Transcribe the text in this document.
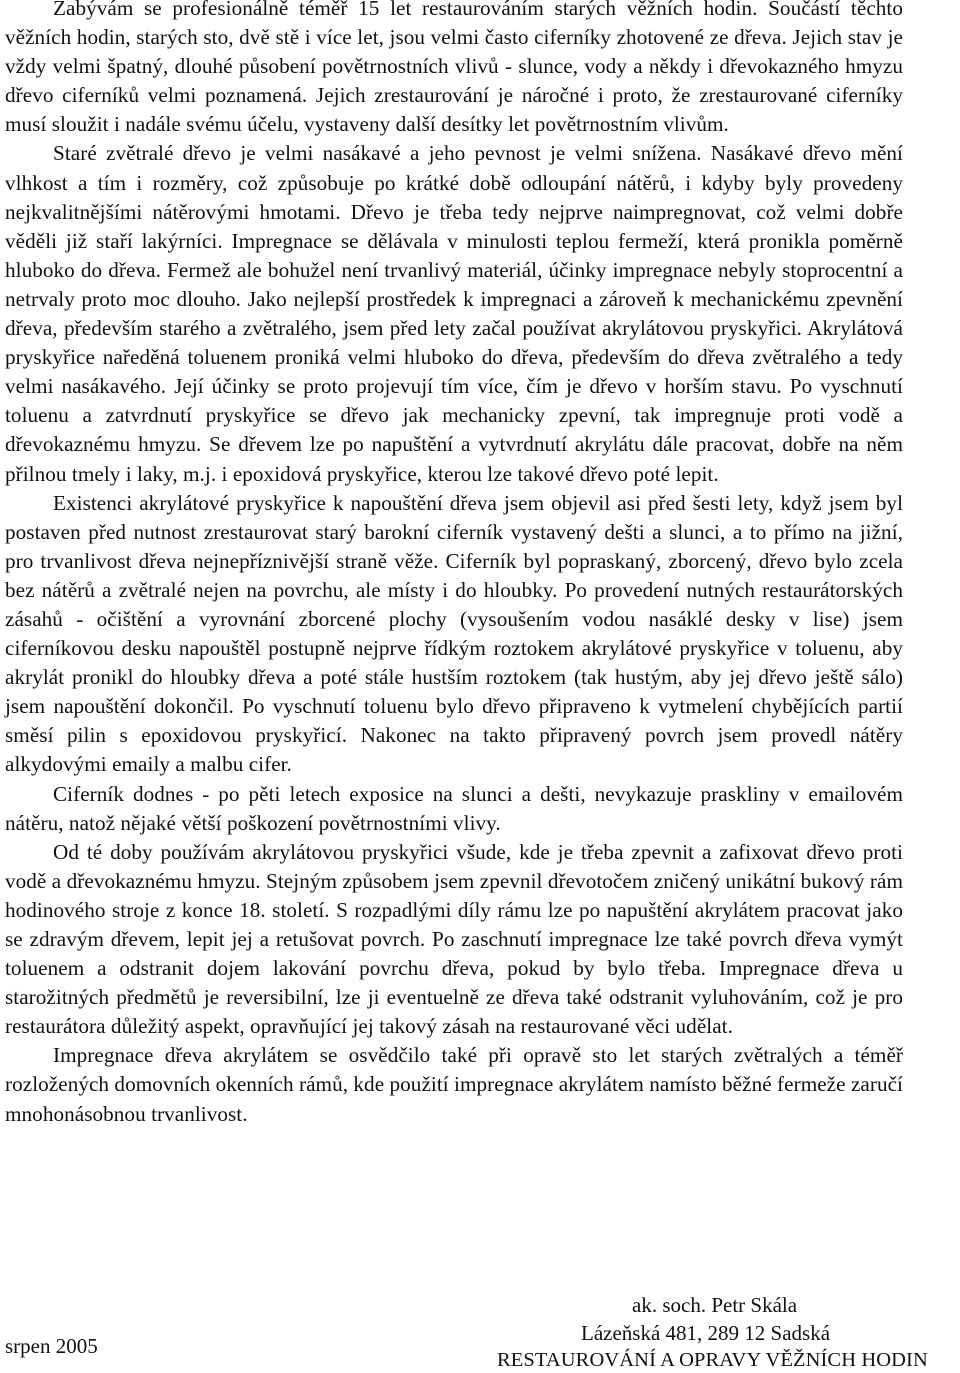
Zabývám se profesionálně téměř 15 let restaurováním starých věžních hodin. Součástí těchto věžních hodin, starých sto, dvě stě i více let, jsou velmi často ciferníky zhotovené ze dřeva. Jejich stav je vždy velmi špatný, dlouhé působení povětrnostních vlivů - slunce, vody a někdy i dřevokazného hmyzu dřevo ciferníků velmi poznamená. Jejich zrestaurování je náročné i proto, že zrestaurované ciferníky musí sloužit i nadále svému účelu, vystaveny další desítky let povětrnostním vlivům.

Staré zvětralé dřevo je velmi nasákavé a jeho pevnost je velmi snížena. Nasákavé dřevo mění vlhkost a tím i rozměry, což způsobuje po krátké době odloupání nátěrů, i kdyby byly provedeny nejkvalitnějšími nátěrovými hmotami. Dřevo je třeba tedy nejprve naimpregnovat, což velmi dobře věděli již staří lakýrníci. Impregnace se dělávala v minulosti teplou fermeží, která pronikla poměrně hluboko do dřeva. Fermež ale bohužel není trvanlivý materiál, účinky impregnace nebyly stoprocentní a netrvaly proto moc dlouho. Jako nejlepší prostředek k impregnaci a zároveň k mechanickému zpevnění dřeva, především starého a zvětralého, jsem před lety začal používat akrylátovou pryskyřici. Akrylátová pryskyřice naředěná toluenem proniká velmi hluboko do dřeva, především do dřeva zvětralého a tedy velmi nasákavého. Její účinky se proto projevují tím více, čím je dřevo v horším stavu. Po vyschnutí toluenu a zatvrdnutí pryskyřice se dřevo jak mechanicky zpevní, tak impregnuje proti vodě a dřevokaznému hmyzu. Se dřevem lze po napuštění a vytvrdnutí akrylátu dále pracovat, dobře na něm přilnou tmely i laky, m.j. i epoxidová pryskyřice, kterou lze takové dřevo poté lepit.

Existenci akrylátové pryskyřice k napouštění dřeva jsem objevil asi před šesti lety, když jsem byl postaven před nutnost zrestaurovat starý barokní ciferník vystavený dešti a slunci, a to přímo na jižní, pro trvanlivost dřeva nejnepříznivější straně věže. Ciferník byl popraskaný, zborcený, dřevo bylo zcela bez nátěrů a zvětralé nejen na povrchu, ale místy i do hloubky. Po provedení nutných restaurátorských zásahů - očištění a vyrovnání zborcené plochy (vysoušením vodou nasáklé desky v lise) jsem ciferníkovou desku napouštěl postupně nejprve řídkým roztokem akrylátové pryskyřice v toluenu, aby akrylát pronikl do hloubky dřeva a poté stále hustším roztokem (tak hustým, aby jej dřevo ještě sálo) jsem napouštění dokončil. Po vyschnutí toluenu bylo dřevo připraveno k vytmelení chybějících partií směsí pilin s epoxidovou pryskyřicí. Nakonec na takto připravený povrch jsem provedl nátěry alkydovými emaily a malbu cifer.

Ciferník dodnes - po pěti letech exposice na slunci a dešti, nevykazuje praskliny v emailovém nátěru, natož nějaké větší poškození povětrnostními vlivy.

Od té doby používám akrylátovou pryskyřici všude, kde je třeba zpevnit a zafixovat dřevo proti vodě a dřevokaznému hmyzu. Stejným způsobem jsem zpevnil dřevotočem zničený unikátní bukový rám hodinového stroje z konce 18. století. S rozpadlými díly rámu lze po napuštění akrylátem pracovat jako se zdravým dřevem, lepit jej a retušovat povrch. Po zaschnutí impregnace lze také povrch dřeva vymýt toluenem a odstranit dojem lakování povrchu dřeva, pokud by bylo třeba. Impregnace dřeva u starožitných předmětů je reversibilní, lze ji eventuelně ze dřeva také odstranit vyluhováním, což je pro restaurátora důležitý aspekt, opravňující jej takový zásah na restaurované věci udělat.

Impregnace dřeva akrylátem se osvědčilo také při opravě sto let starých zvětralých a téměř rozložených domovních okenních rámů, kde použití impregnace akrylátem namísto běžné fermeže zaručí mnohonásobnou trvanlivost.

srpen 2005
ak. soch. Petr Skála
Lázeňská 481, 289 12 Sadská
RESTAUROVÁNÍ A OPRAVY VĚŽNÍCH HODIN
